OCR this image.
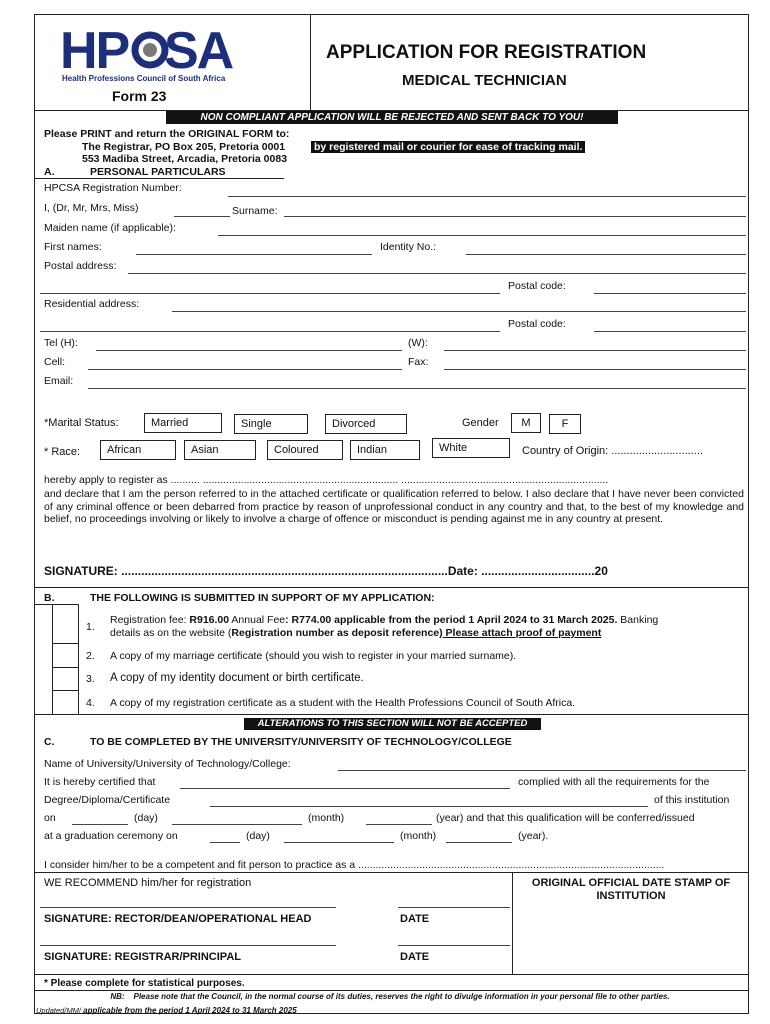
HP SA
Health Professions Council of South Africa
Form 23
APPLICATION FOR REGISTRATION
MEDICAL TECHNICIAN
NON COMPLIANT APPLICATION WILL BE REJECTED AND SENT BACK TO YOU!
Please PRINT and return the ORIGINAL FORM to:
The Registrar, PO Box 205, Pretoria 0001	by registered mail or courier for ease of tracking mail.
553 Madiba Street, Arcadia, Pretoria 0083
A.	PERSONAL PARTICULARS
HPCSA Registration Number:
I, (Dr, Mr, Mrs, Miss)	Surname:
Maiden name (if applicable):
First names:	Identity No.:
Postal address:
Postal code:
Residential address:
Postal code:
Tel (H):	(W):
Cell:	Fax:
Email:
*Marital Status:	Married	Single	Divorced	Gender	M	F
* Race:	African	Asian	Coloured	Indian	White	Country of Origin: ..............................
hereby apply to register as .......... ................................................................... .......................................................................
and declare that I am the person referred to in the attached certificate or qualification referred to below. I also declare that I have never been convicted of any criminal offence or been debarred from practice by reason of unprofessional conduct in any country and that, to the best of my knowledge and belief, no proceedings involving or likely to involve a charge of offence or misconduct is pending against me in any country at present.
SIGNATURE: ..................................................................................................Date: ..................................20
B.	THE FOLLOWING IS SUBMITTED IN SUPPORT OF MY APPLICATION:
1.
Registration fee: R916.00 Annual Fee: R774.00 applicable from the period 1 April 2024 to 31 March 2025. Banking
details as on the website (Registration number as deposit reference) Please attach proof of payment
2. A copy of my marriage certificate (should you wish to register in your married surname).
3. A copy of my identity document or birth certificate.
4. A copy of my registration certificate as a student with the Health Professions Council of South Africa.
ALTERATIONS TO THIS SECTION WILL NOT BE ACCEPTED
C.	TO BE COMPLETED BY THE UNIVERSITY/UNIVERSITY OF TECHNOLOGY/COLLEGE
Name of University/University of Technology/College:
It is hereby certified that	complied with all the requirements for the
Degree/Diploma/Certificate	of this institution
on	(day)	(month)	(year) and that this qualification will be conferred/issued
at a graduation ceremony on	(day)	(month)	(year).
I consider him/her to be a competent and fit person to practice as a .........................................................................................................
WE RECOMMEND him/her for registration	ORIGINAL OFFICIAL DATE STAMP OF INSTITUTION
SIGNATURE: RECTOR/DEAN/OPERATIONAL HEAD	DATE
SIGNATURE: REGISTRAR/PRINCIPAL	DATE
* Please complete for statistical purposes.
NB: Please note that the Council, in the normal course of its duties, reserves the right to divulge information in your personal file to other parties.
Updated/MM/ applicable from the period 1 April 2024 to 31 March 2025
